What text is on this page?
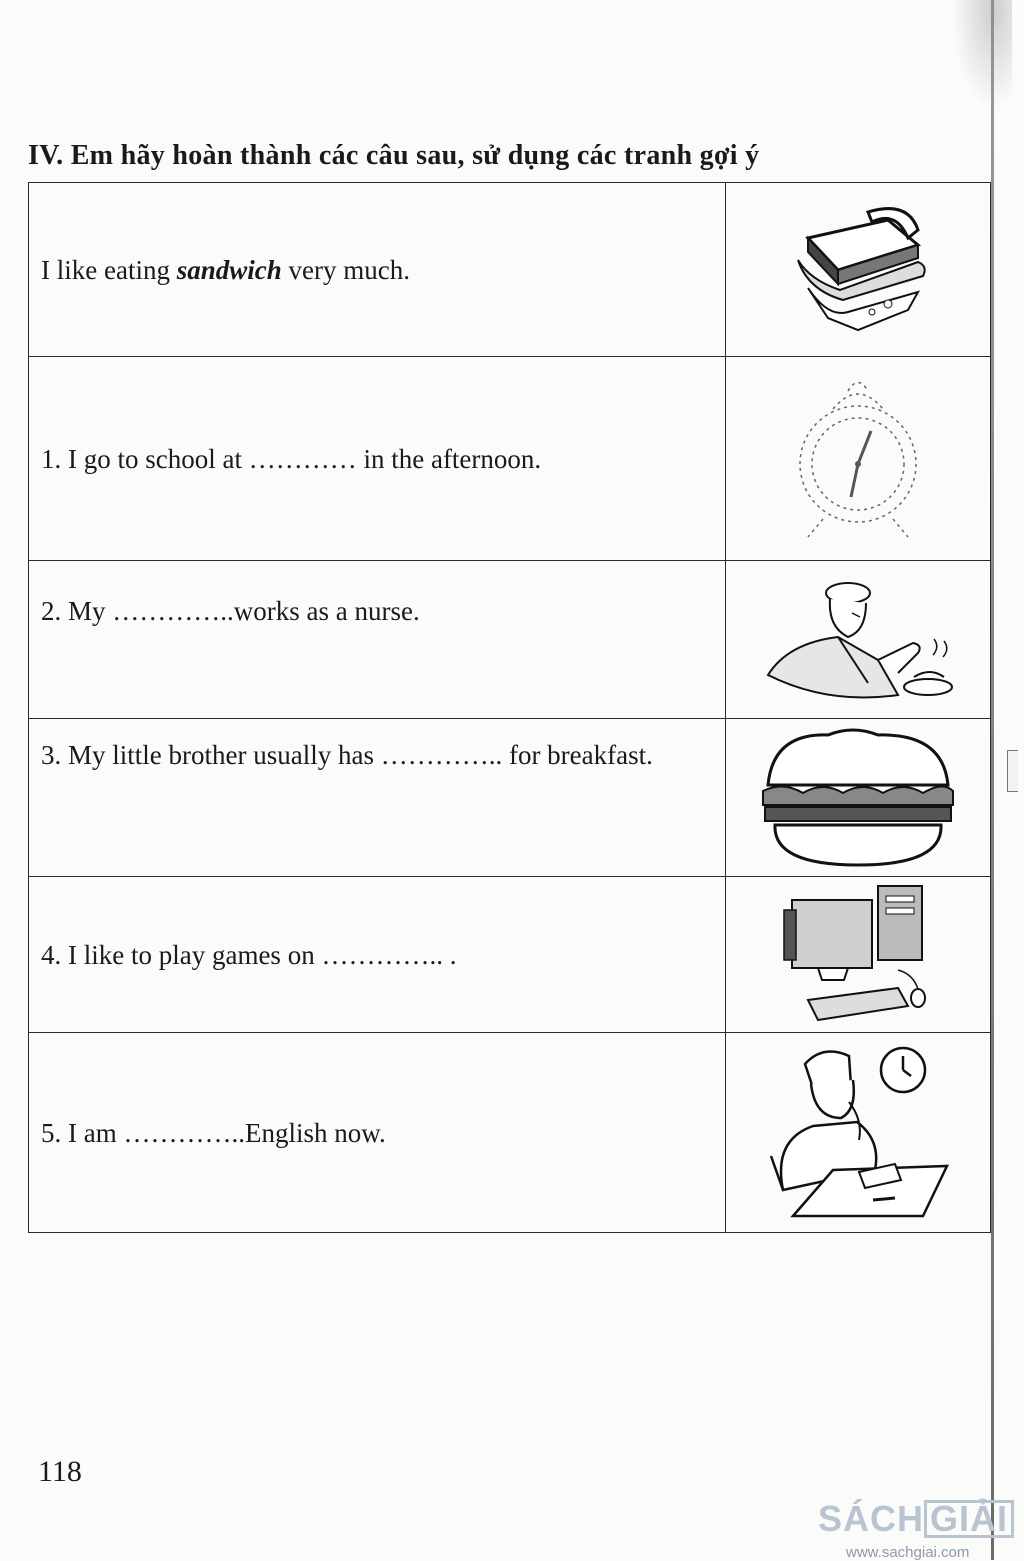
IV. Em hãy hoàn thành các câu sau, sử dụng các tranh gợi ý
I like eating sandwich very much.	

1. I go to school at ………… in the afternoon.	

2. My …………..works as a nurse.	

3. My little brother usually has ………….. for breakfast.	

4. I like to play games on ………….. .	

5. I am …………..English now.	
118
SÁCH GIẢI
www.sachgiai.com
